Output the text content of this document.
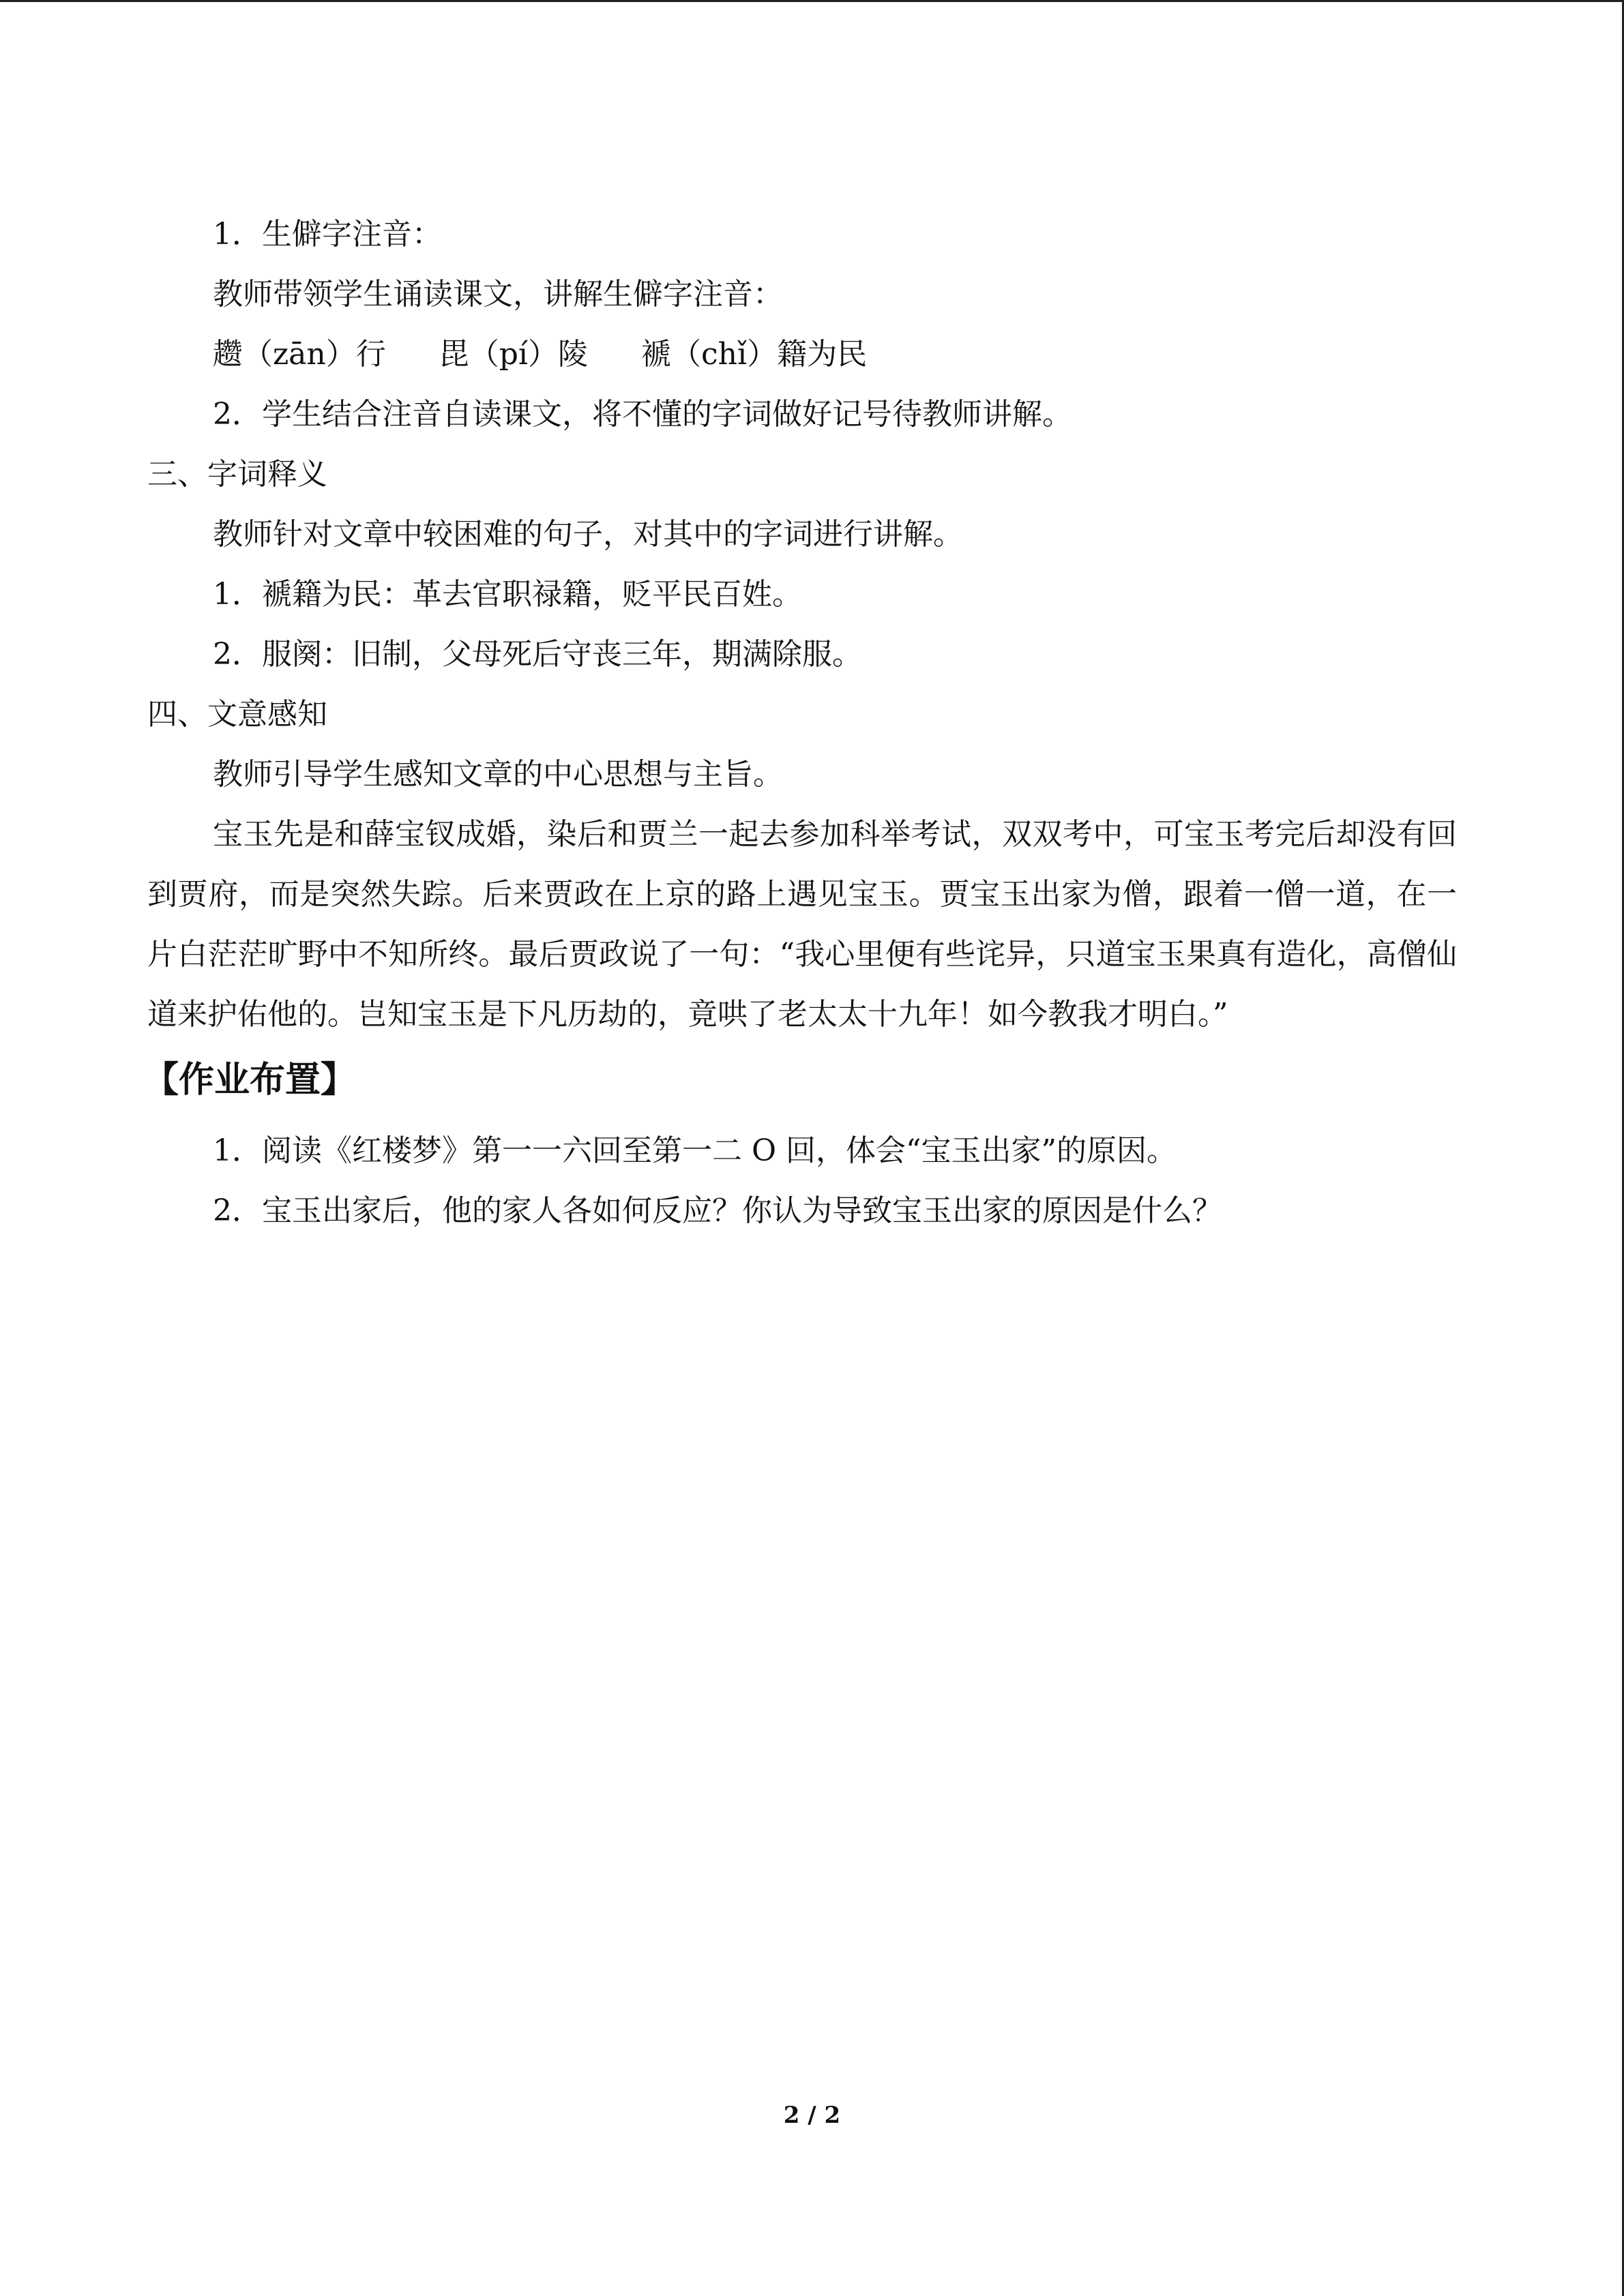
1．生僻字注音：
教师带领学生诵读课文，讲解生僻字注音：
趱（zān）行 毘（pí）陵 褫（chǐ）籍为民
2．学生结合注音自读课文，将不懂的字词做好记号待教师讲解。
三、字词释义
教师针对文章中较困难的句子，对其中的字词进行讲解。
1．褫籍为民：革去官职禄籍，贬平民百姓。
2．服阕：旧制，父母死后守丧三年，期满除服。
四、文意感知
教师引导学生感知文章的中心思想与主旨。
宝玉先是和薛宝钗成婚，染后和贾兰一起去参加科举考试，双双考中，可宝玉考完后却没有回到贾府，而是突然失踪。后来贾政在上京的路上遇见宝玉。贾宝玉出家为僧，跟着一僧一道，在一片白茫茫旷野中不知所终。最后贾政说了一句：“我心里便有些诧异，只道宝玉果真有造化，高僧仙道来护佑他的。岂知宝玉是下凡历劫的，竟哄了老太太十九年！如今教我才明白。”
【作业布置】
1．阅读《红楼梦》第一一六回至第一二 O 回，体会“宝玉出家”的原因。
2．宝玉出家后，他的家人各如何反应？你认为导致宝玉出家的原因是什么？
2 / 2
